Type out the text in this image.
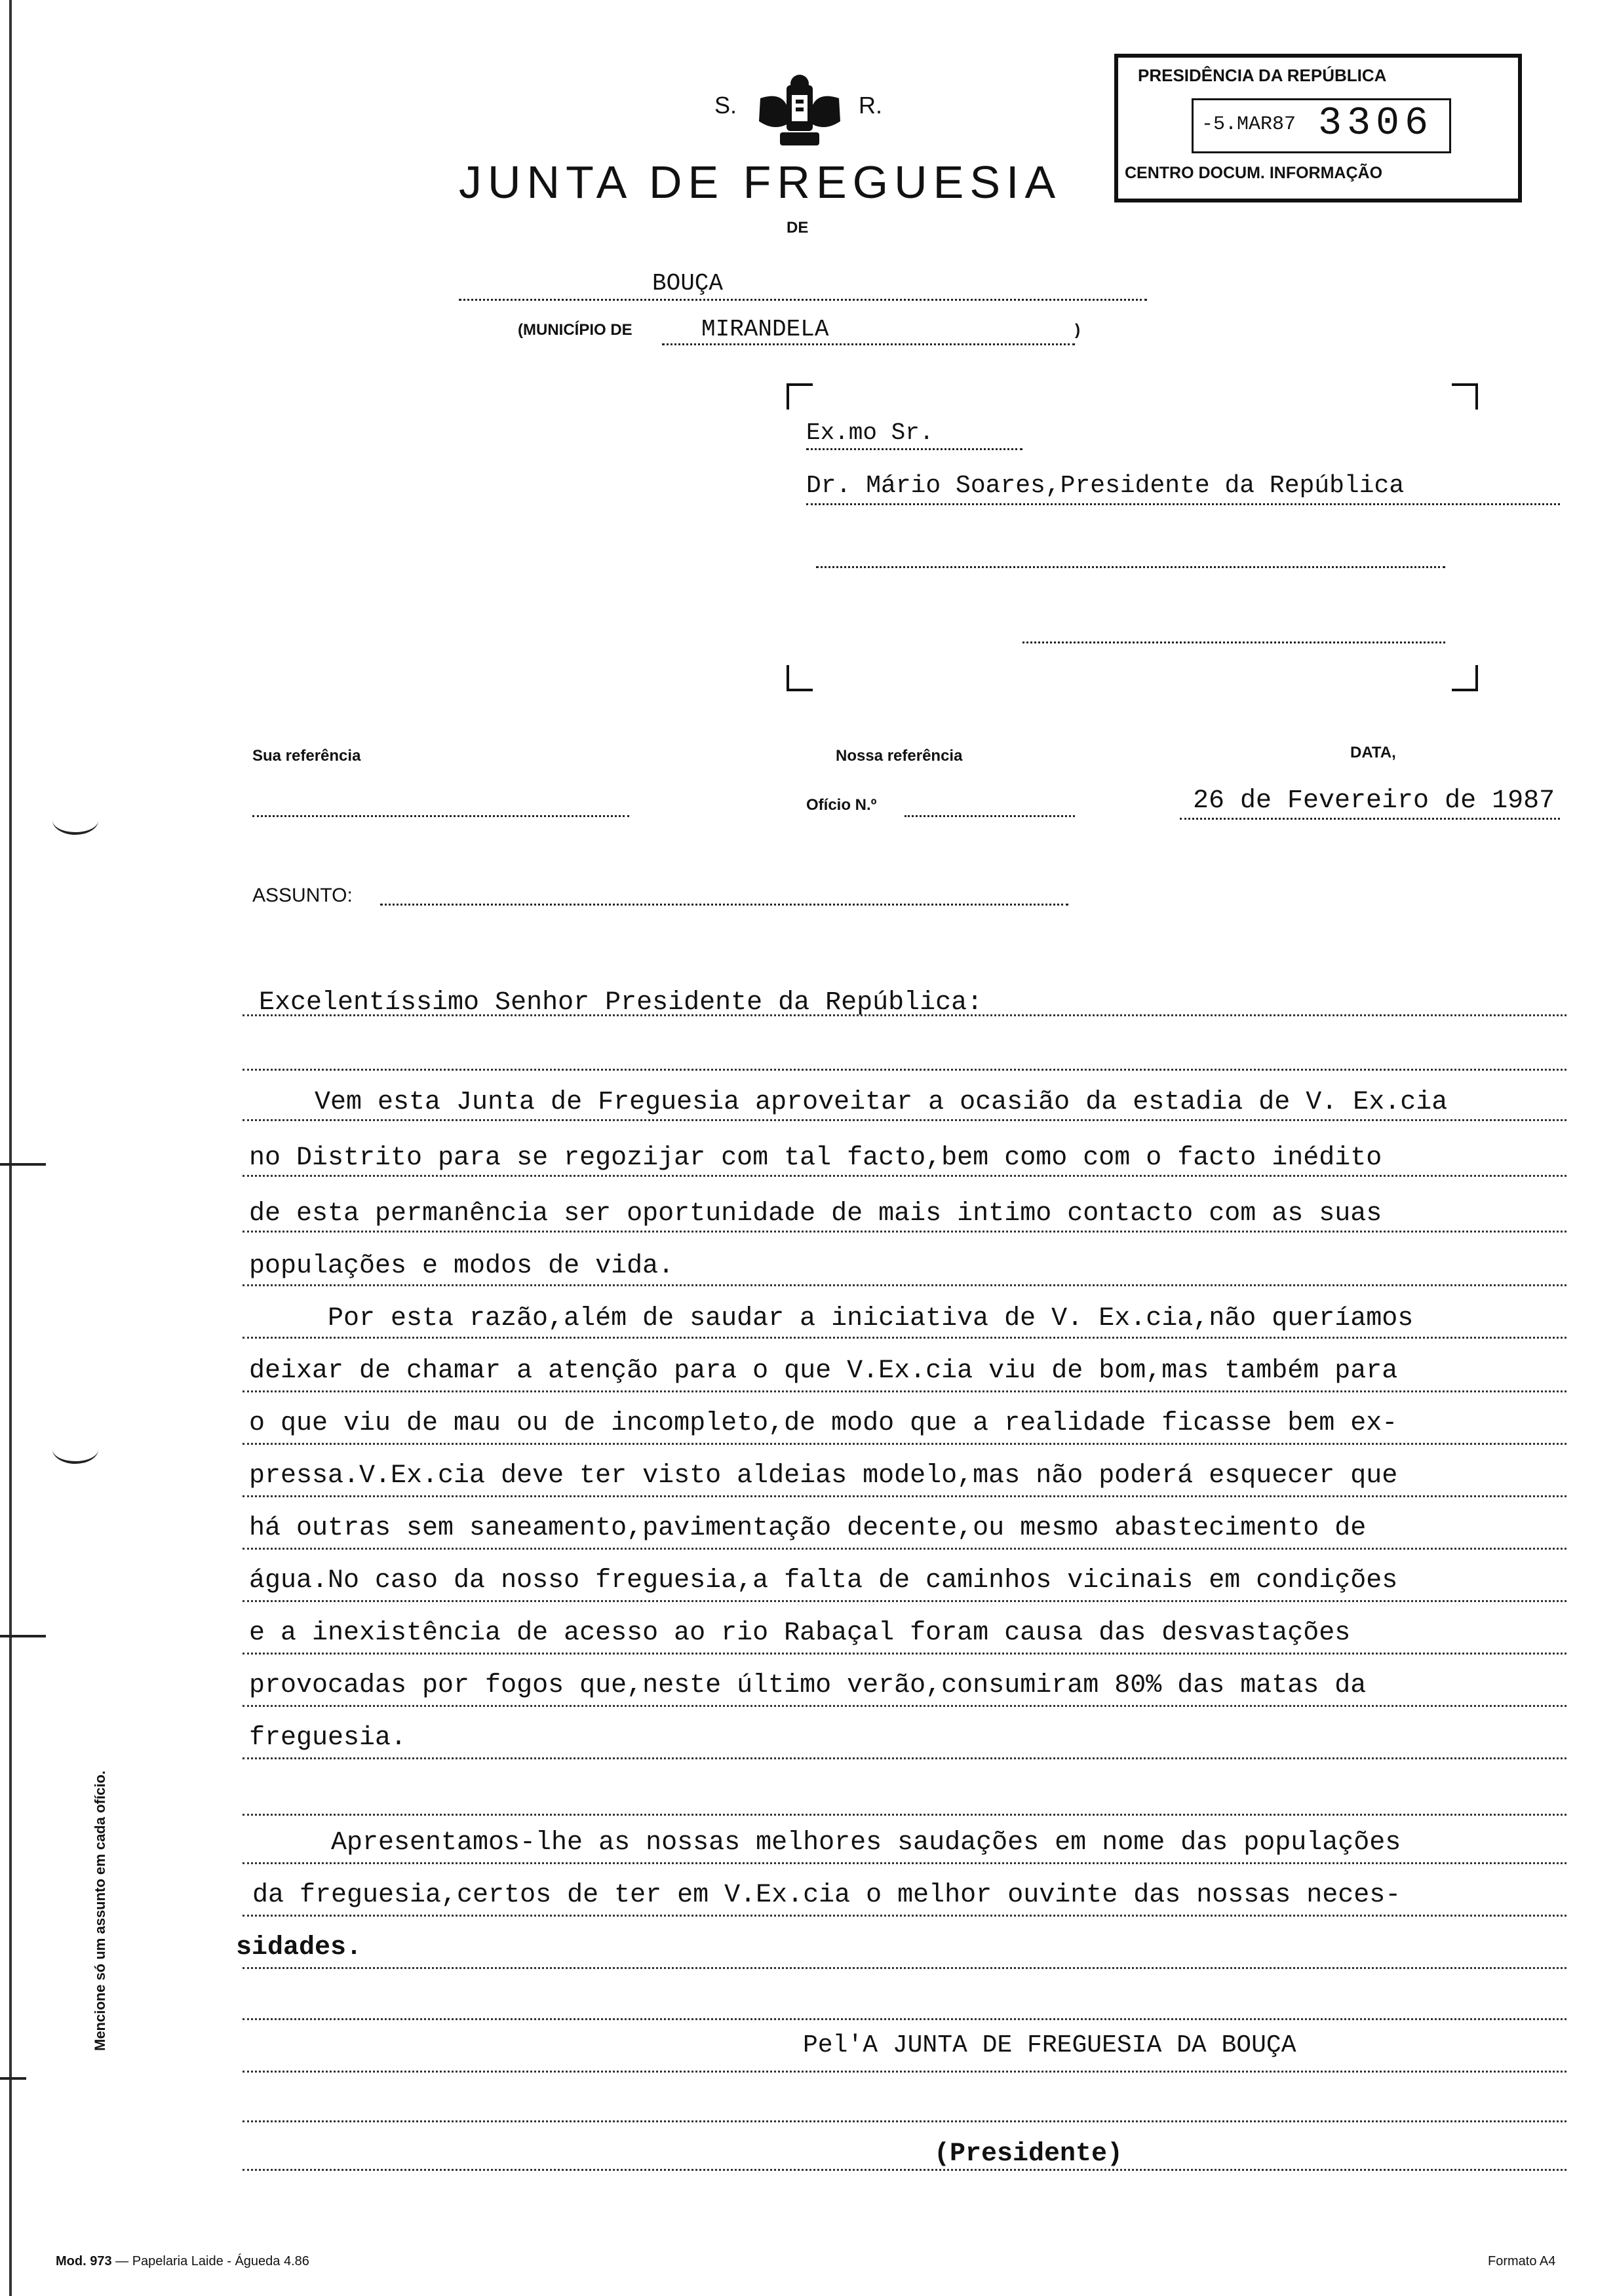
S.	R.
JUNTA DE FREGUESIA
DE
BOUÇA
(MUNICÍPIO DE	MIRANDELA	)
PRESIDÊNCIA DA REPÚBLICA
-5.MAR87 3306
CENTRO DOCUM. INFORMAÇÃO
Ex.mo Sr.
Dr. Mário Soares,Presidente da República
Sua referência	Nossa referência
Ofício N.º
DATA,
26 de Fevereiro de 1987
ASSUNTO:
Excelentíssimo Senhor Presidente da República:
Vem esta Junta de Freguesia aproveitar a ocasião da estadia de V. Ex.cia
no Distrito para se regozijar com tal facto,bem como com o facto inédito
de esta permanência ser oportunidade de mais intimo contacto com as suas
populações e modos de vida.
Por esta razão,além de saudar a iniciativa de V. Ex.cia,não queríamos
deixar de chamar a atenção para o que V.Ex.cia viu de bom,mas também para
o que viu de mau ou de incompleto,de modo que a realidade ficasse bem ex-
pressa.V.Ex.cia deve ter visto aldeias modelo,mas não poderá esquecer que
há outras sem saneamento,pavimentação decente,ou mesmo abastecimento de
água.No caso da nosso freguesia,a falta de caminhos vicinais em condições
e a inexistência de acesso ao rio Rabaçal foram causa das desvastações
provocadas por fogos que,neste último verão,consumiram 80% das matas da
freguesia.
Apresentamos-lhe as nossas melhores saudações em nome das populações
da freguesia,certos de ter em V.Ex.cia o melhor ouvinte das nossas neces-
sidades.
Pel'A JUNTA DE FREGUESIA DA BOUÇA
(Presidente)
Mencione só um assunto em cada ofício.
Mod. 973 — Papelaria Laide - Águeda 4.86	Formato A4
